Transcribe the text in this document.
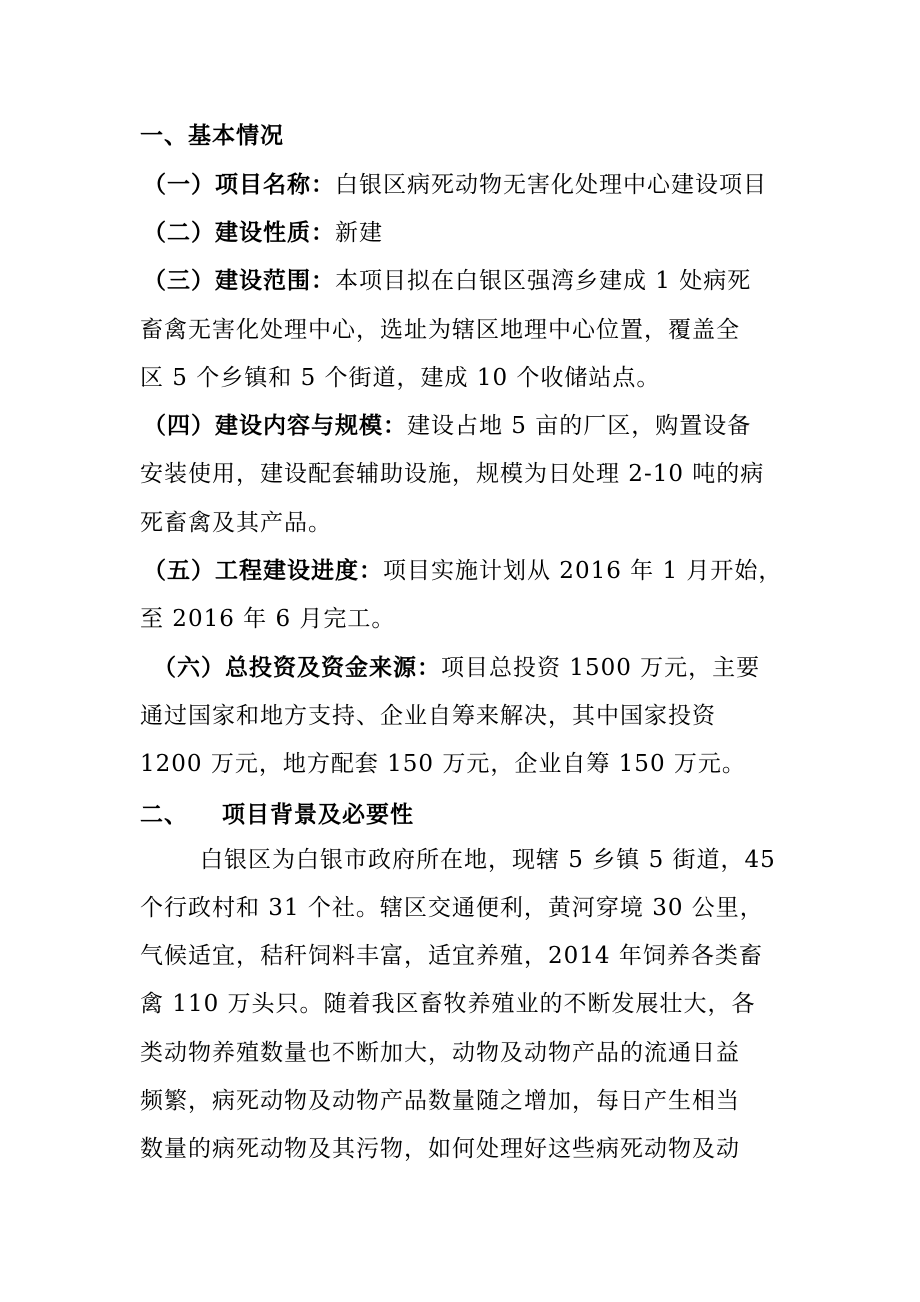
一、基本情况
（一）项目名称：白银区病死动物无害化处理中心建设项目
（二）建设性质：新建
（三）建设范围：本项目拟在白银区强湾乡建成 1 处病死
畜禽无害化处理中心，选址为辖区地理中心位置，覆盖全
区 5 个乡镇和 5 个街道，建成 10 个收储站点。
（四）建设内容与规模：建设占地 5 亩的厂区，购置设备
安装使用，建设配套辅助设施，规模为日处理 2-10 吨的病
死畜禽及其产品。
（五）工程建设进度：项目实施计划从 2016 年 1 月开始，
至 2016 年 6 月完工。
（六）总投资及资金来源：项目总投资 1500 万元，主要
通过国家和地方支持、企业自筹来解决，其中国家投资
1200 万元，地方配套 150 万元，企业自筹 150 万元。
二、 项目背景及必要性
白银区为白银市政府所在地，现辖 5 乡镇 5 街道，45
个行政村和 31 个社。辖区交通便利，黄河穿境 30 公里，
气候适宜，秸秆饲料丰富，适宜养殖，2014 年饲养各类畜
禽 110 万头只。随着我区畜牧养殖业的不断发展壮大，各
类动物养殖数量也不断加大，动物及动物产品的流通日益
频繁，病死动物及动物产品数量随之增加，每日产生相当
数量的病死动物及其污物，如何处理好这些病死动物及动
